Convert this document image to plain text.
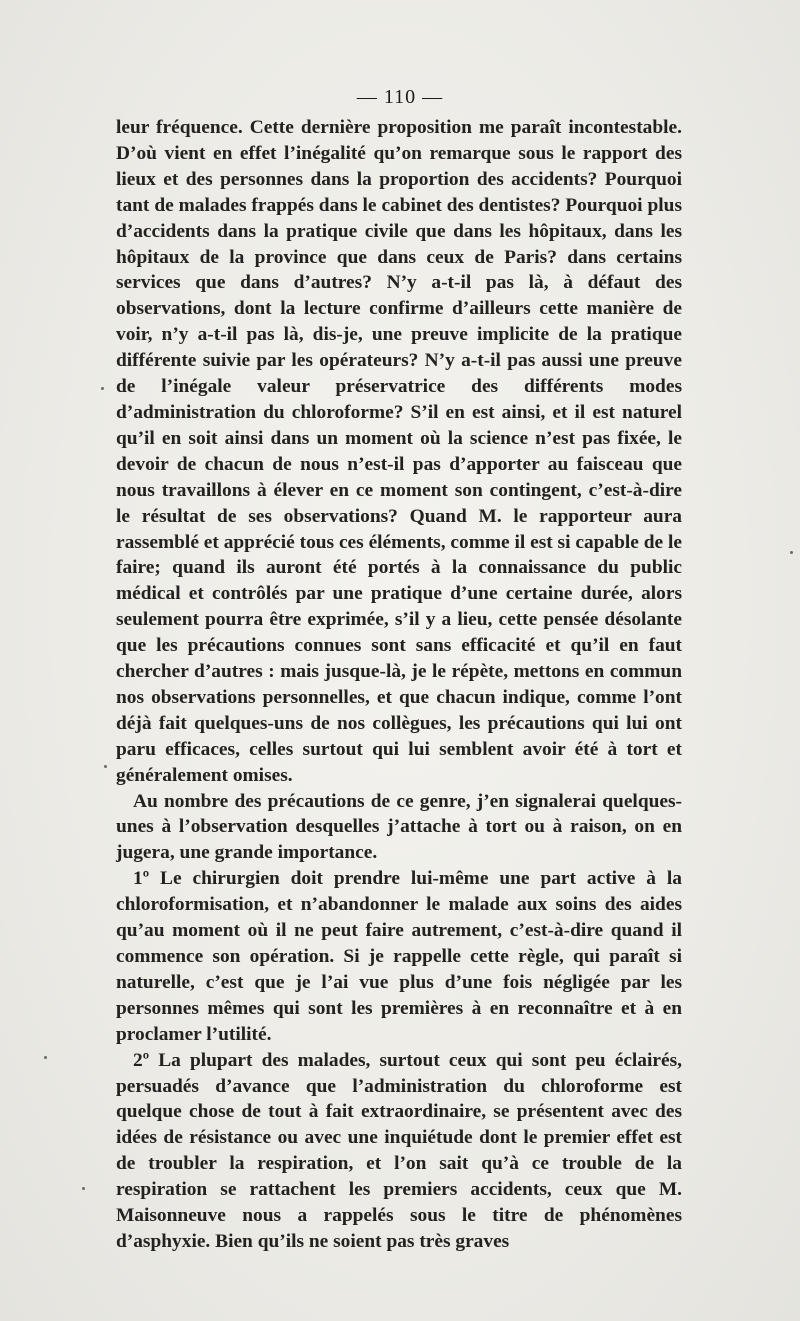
— 110 —

leur fréquence. Cette dernière proposition me paraît incontestable. D’où vient en effet l’inégalité qu’on remarque sous le rapport des lieux et des personnes dans la proportion des accidents? Pourquoi tant de malades frappés dans le cabinet des dentistes? Pourquoi plus d’accidents dans la pratique civile que dans les hôpitaux, dans les hôpitaux de la province que dans ceux de Paris? dans certains services que dans d’autres? N’y a-t-il pas là, à défaut des observations, dont la lecture confirme d’ailleurs cette manière de voir, n’y a-t-il pas là, dis-je, une preuve implicite de la pratique différente suivie par les opérateurs? N’y a-t-il pas aussi une preuve de l’inégale valeur préservatrice des différents modes d’administration du chloroforme? S’il en est ainsi, et il est naturel qu’il en soit ainsi dans un moment où la science n’est pas fixée, le devoir de chacun de nous n’est-il pas d’apporter au faisceau que nous travaillons à élever en ce moment son contingent, c’est-à-dire le résultat de ses observations? Quand M. le rapporteur aura rassemblé et apprécié tous ces éléments, comme il est si capable de le faire; quand ils auront été portés à la connaissance du public médical et contrôlés par une pratique d’une certaine durée, alors seulement pourra être exprimée, s’il y a lieu, cette pensée désolante que les précautions connues sont sans efficacité et qu’il en faut chercher d’autres : mais jusque-là, je le répète, mettons en commun nos observations personnelles, et que chacun indique, comme l’ont déjà fait quelques-uns de nos collègues, les précautions qui lui ont paru efficaces, celles surtout qui lui semblent avoir été à tort et généralement omises.

Au nombre des précautions de ce genre, j’en signalerai quelques-unes à l’observation desquelles j’attache à tort ou à raison, on en jugera, une grande importance.

1º Le chirurgien doit prendre lui-même une part active à la chloroformisation, et n’abandonner le malade aux soins des aides qu’au moment où il ne peut faire autrement, c’est-à-dire quand il commence son opération. Si je rappelle cette règle, qui paraît si naturelle, c’est que je l’ai vue plus d’une fois négligée par les personnes mêmes qui sont les premières à en reconnaître et à en proclamer l’utilité.

2º La plupart des malades, surtout ceux qui sont peu éclairés, persuadés d’avance que l’administration du chloroforme est quelque chose de tout à fait extraordinaire, se présentent avec des idées de résistance ou avec une inquiétude dont le premier effet est de troubler la respiration, et l’on sait qu’à ce trouble de la respiration se rattachent les premiers accidents, ceux que M. Maisonneuve nous a rappelés sous le titre de phénomènes d’asphyxie. Bien qu’ils ne soient pas très graves
